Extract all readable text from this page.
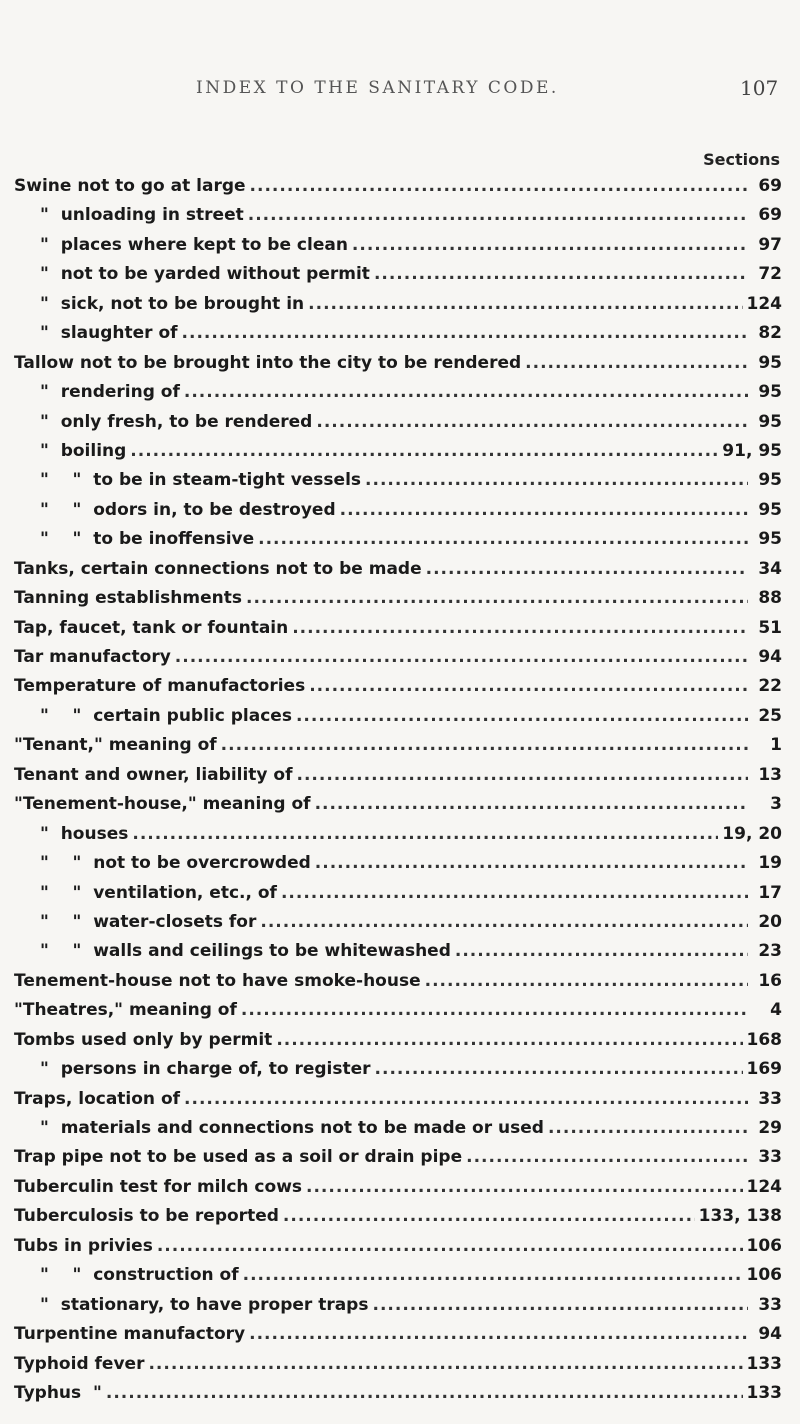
INDEX TO THE SANITARY CODE.	107
Sections
Swine not to go at large .....	69
"  unloading in street .....	69
"  places where kept to be clean .....	97
"  not to be yarded without permit .....	72
"  sick, not to be brought in .....	124
"  slaughter of .....	82
Tallow not to be brought into the city to be rendered .....	95
"  rendering of .....	95
"  only fresh, to be rendered .....	95
"  boiling .....	91, 95
"    "  to be in steam-tight vessels .....	95
"    "  odors in, to be destroyed .....	95
"    "  to be inoffensive .....	95
Tanks, certain connections not to be made .....	34
Tanning establishments .....	88
Tap, faucet, tank or fountain .....	51
Tar manufactory .....	94
Temperature of manufactories .....	22
"    "  certain public places .....	25
"Tenant," meaning of .....	1
Tenant and owner, liability of .....	13
"Tenement-house," meaning of .....	3
"  houses .....	19, 20
"    "  not to be overcrowded .....	19
"    "  ventilation, etc., of .....	17
"    "  water-closets for .....	20
"    "  walls and ceilings to be whitewashed .....	23
Tenement-house not to have smoke-house .....	16
"Theatres," meaning of .....	4
Tombs used only by permit .....	168
"  persons in charge of, to register .....	169
Traps, location of .....	33
"  materials and connections not to be made or used .....	29
Trap pipe not to be used as a soil or drain pipe .....	33
Tuberculin test for milch cows .....	124
Tuberculosis to be reported .....	133, 138
Tubs in privies .....	106
"    "  construction of .....	106
"  stationary, to have proper traps .....	33
Turpentine manufactory .....	94
Typhoid fever .....	133
Typhus  " .....	133
